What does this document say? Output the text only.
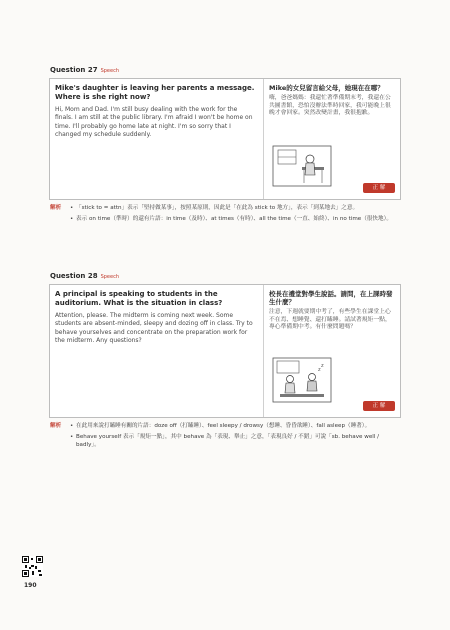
Question 27 Speech
Mike's daughter is leaving her parents a message. Where is she right now?
Hi, Mom and Dad. I'm still busy dealing with the work for the finals. I am still at the public library. I'm afraid I won't be home on time. I'll probably go home late at night. I'm so sorry that I changed my schedule suddenly.
Mike的女兒留言給父母，她現在在哪？
嗨，爸爸媽媽：我還忙著準備期末考，我還在公共圖書館，恐怕沒辦法準時回家，我可能晚上很晚才會回家。突然改變計畫，我很抱歉。
正 解
解析 • 「stick to = attn」表示「堅持做某事」，按照某原則，因此是「在此為 stick to 地方」，表示「到某地去」之意。
• 表示 on time（準時）的還有片語：in time（及時）、at times（有時）、all the time（一直、始終）、in no time（很快地）。
Question 28 Speech
A principal is speaking to students in the auditorium. What is the situation in class?
Attention, please. The midterm is coming next week. Some students are absent-minded, sleepy and dozing off in class. Try to behave yourselves and concentrate on the preparation work for the midterm. Any questions?
校長在禮堂對學生說話。請問，在上課時發生什麼？
注意，下週就要期中考了，有些學生在課堂上心不在焉、想睡覺、還打瞌睡。請試著規矩一點，專心準備期中考。有什麼問題嗎？
z
z
正 解
解析 • 在此用來說打瞌睡有關的片語：doze off（打瞌睡）、feel sleepy / drowsy（想睡、昏昏欲睡）、fall asleep（睡著）。
• Behave yourself 表示「規矩一點」，其中 behave 為「表現、舉止」之意，「表現良好 / 不錯」可說「sb. behave well / badly」。
190
